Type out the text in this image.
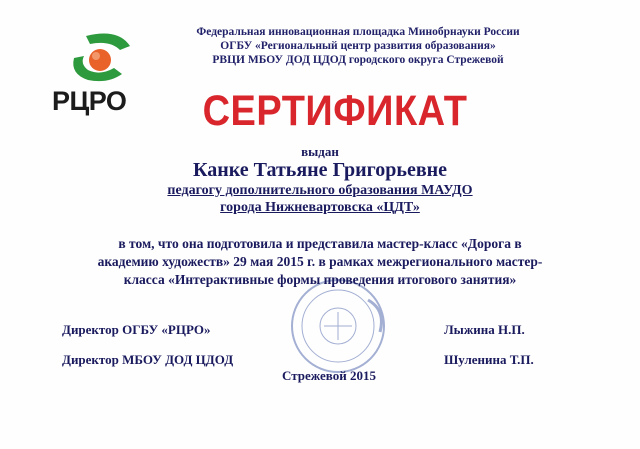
РЦРО
Федеральная инновационная площадка Минобрнауки России
ОГБУ «Региональный центр развития образования»
РВЦИ МБОУ ДОД ЦДОД городского округа Стрежевой
СЕРТИФИКАТ
выдан
Канке Татьяне Григорьевне
педагогу дополнительного образования МАУДО
города Нижневартовска «ЦДТ»
в том, что она подготовила и представила мастер-класс «Дорога в
академию художеств» 29 мая 2015 г. в рамках межрегионального мастер-
класса «Интерактивные формы проведения итогового занятия»
Директор ОГБУ «РЦРО»	Лыжина Н.П.
Директор МБОУ ДОД ЦДОД	Шуленина Т.П.
Стрежевой 2015
